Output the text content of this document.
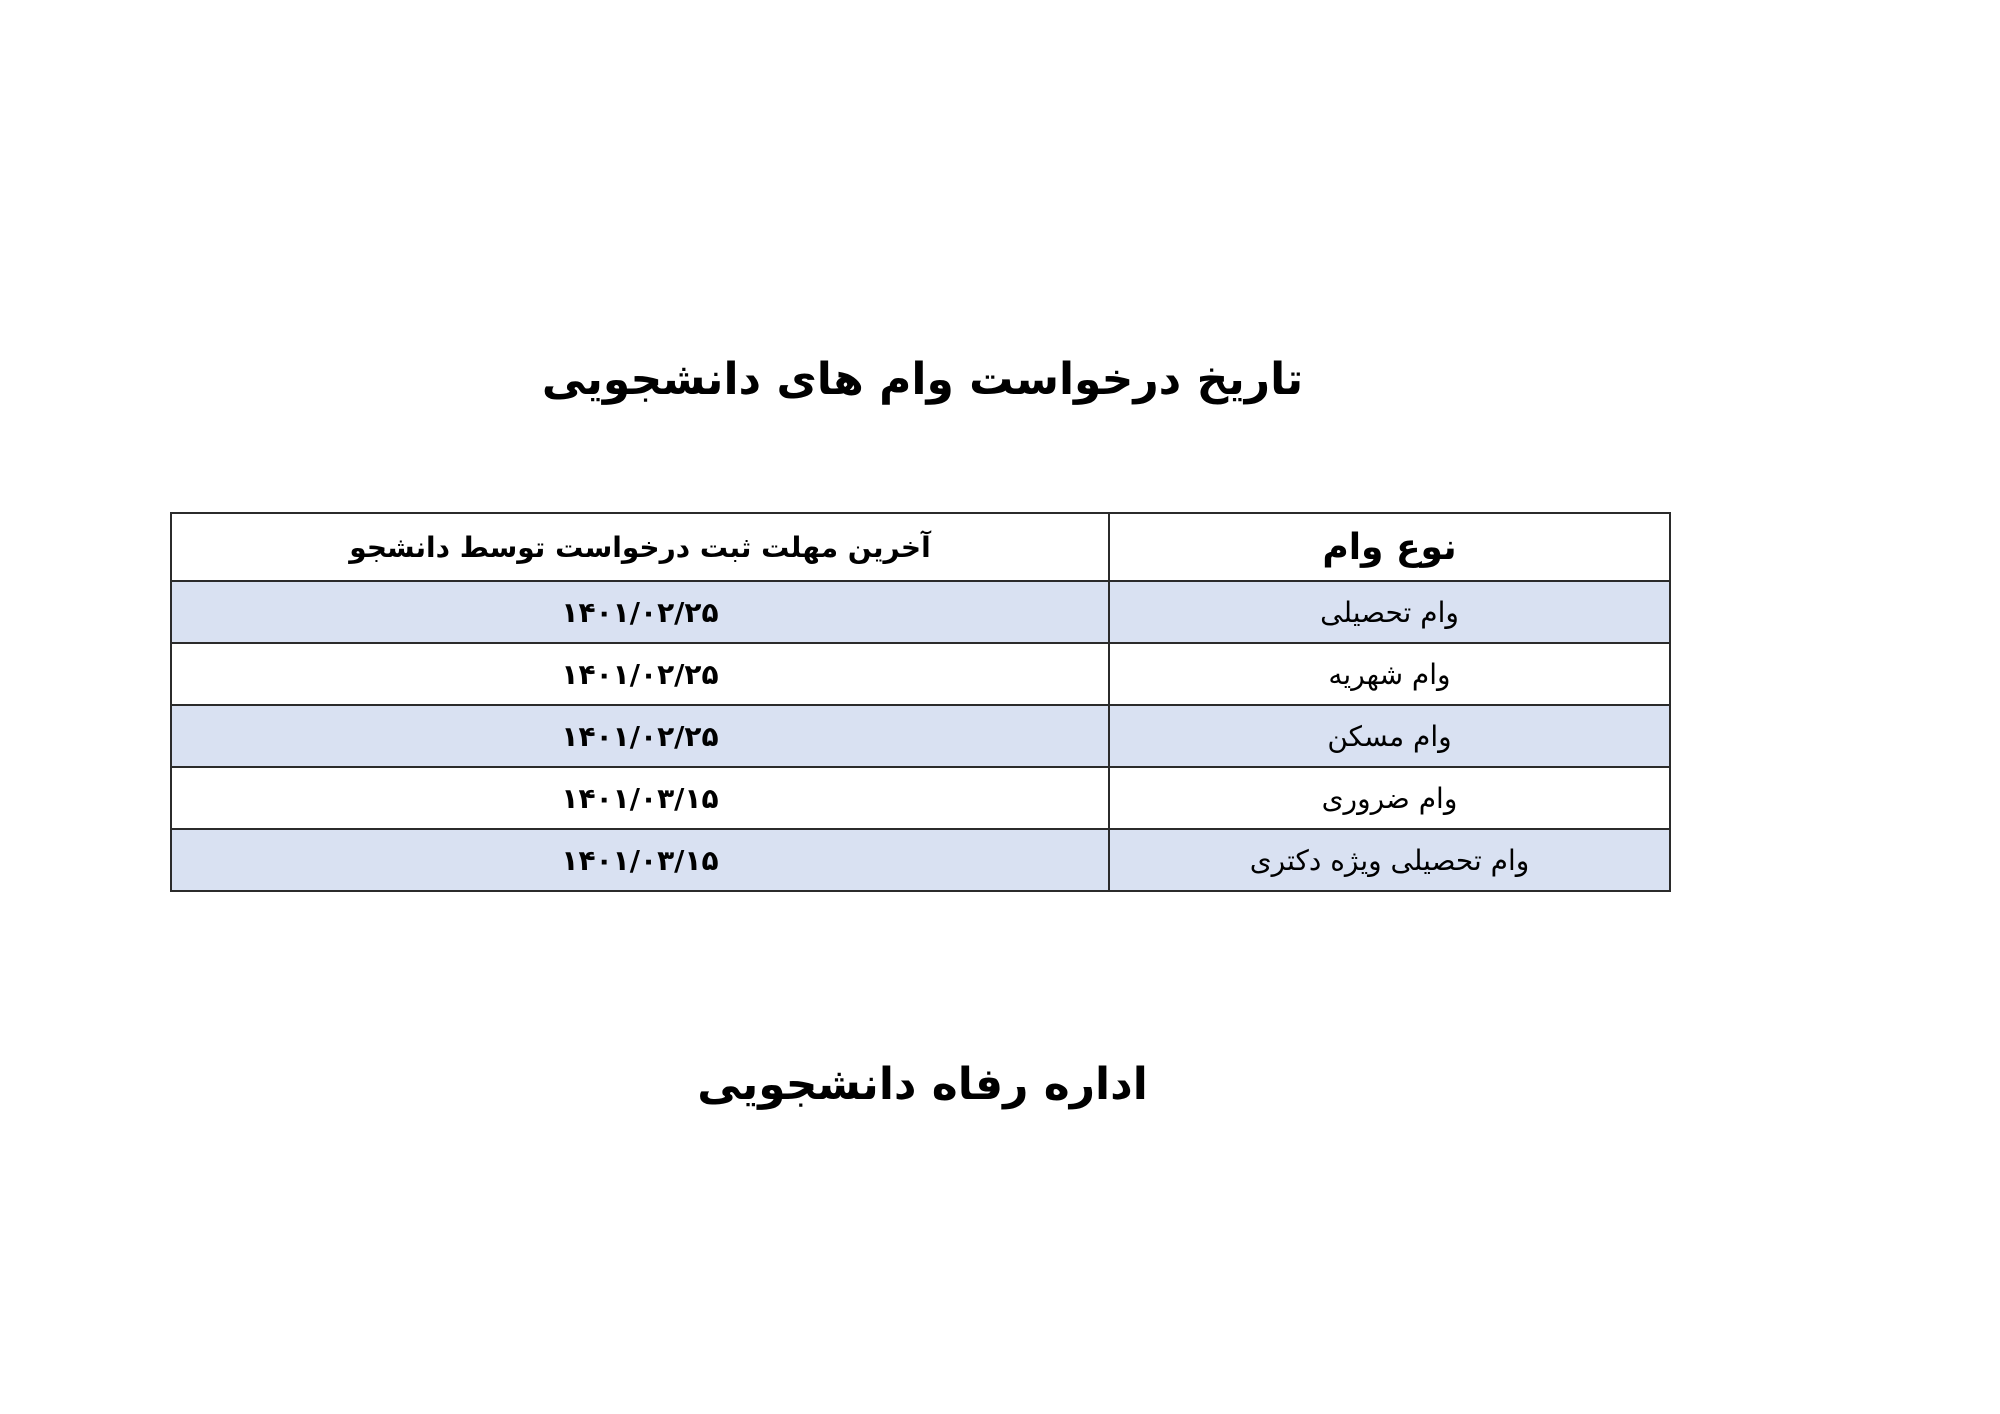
تاریخ درخواست وام های دانشجویی
نوع وام	آخرین مهلت ثبت درخواست توسط دانشجو
وام تحصیلی	۱۴۰۱/۰۲/۲۵
وام شهریه	۱۴۰۱/۰۲/۲۵
وام مسکن	۱۴۰۱/۰۲/۲۵
وام ضروری	۱۴۰۱/۰۳/۱۵
وام تحصیلی ویژه دکتری	۱۴۰۱/۰۳/۱۵
اداره رفاه دانشجویی
